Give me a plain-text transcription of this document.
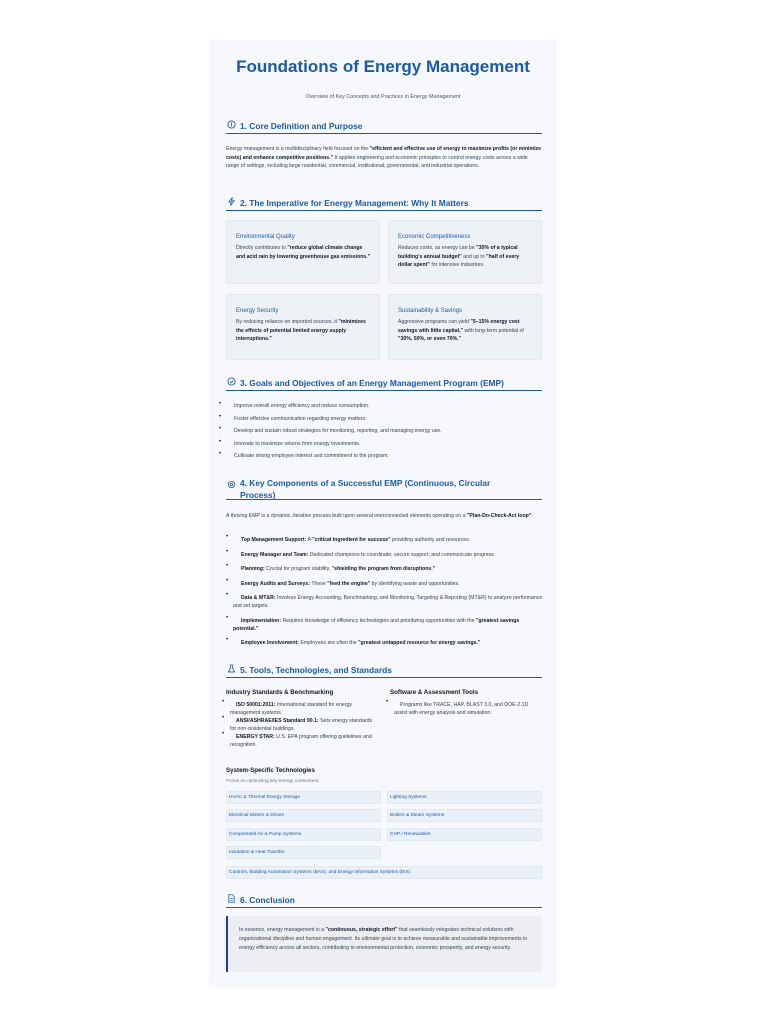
Foundations of Energy Management
Overview of Key Concepts and Practices in Energy Management
1. Core Definition and Purpose
Energy management is a multidisciplinary field focused on the "efficient and effective use of energy to maximize profits (or minimize costs) and enhance competitive positions." It applies engineering and economic principles to control energy costs across a wide range of settings, including large residential, commercial, institutional, governmental, and industrial operations.
2. The Imperative for Energy Management: Why It Matters
Environmental Quality
Directly contributes to "reduce global climate change and acid rain by lowering greenhouse gas emissions."
Economic Competitiveness
Reduces costs, as energy can be "30% of a typical building's annual budget" and up to "half of every dollar spent" for intensive industries.
Energy Security
By reducing reliance on imported sources, it "minimizes the effects of potential limited energy supply interruptions."
Sustainability & Savings
Aggressive programs can yield "5–15% energy cost savings with little capital," with long-term potential of "30%, 50%, or even 70%."
3. Goals and Objectives of an Energy Management Program (EMP)
• Improve overall energy efficiency and reduce consumption.
• Foster effective communication regarding energy matters.
• Develop and sustain robust strategies for monitoring, reporting, and managing energy use.
• Innovate to maximize returns from energy investments.
• Cultivate strong employee interest and commitment to the program.
4. Key Components of a Successful EMP (Continuous, Circular
Process)
A thriving EMP is a dynamic, iterative process built upon several interconnected elements operating on a "Plan-Do-Check-Act loop":
• Top Management Support: A "critical ingredient for success" providing authority and resources.
• Energy Manager and Team: Dedicated champions to coordinate, secure support, and communicate progress.
• Planning: Crucial for program stability, "shielding the program from disruptions."
• Energy Audits and Surveys: These "feed the engine" by identifying waste and opportunities.
• Data & MT&R: Involves Energy Accounting, Benchmarking, and Monitoring, Targeting & Reporting (MT&R) to analyze performance and set targets.
• Implementation: Requires knowledge of efficiency technologies and prioritizing opportunities with the "greatest savings potential."
• Employee Involvement: Employees are often the "greatest untapped resource for energy savings."
5. Tools, Technologies, and Standards
Industry Standards & Benchmarking
• ISO 50001:2011: International standard for energy management systems.
• ANSI/ASHRAE/IES Standard 90.1: Sets energy standards for non-residential buildings.
• ENERGY STAR: U.S. EPA program offering guidelines and recognition.
Software & Assessment Tools
• Programs like TRACE, HAP, BLAST 3.0, and DOE-2.1D assist with energy analysis and simulation.
System-Specific Technologies
Focus on optimizing key energy consumers:
HVAC & Thermal Energy Storage	Lighting Systems
Electrical Motors & Drives	Boilers & Steam Systems
Compressed Air & Pump Systems	CHP / Renewables
Insulation & Heat Transfer
Controls, Building Automation Systems (BAS), and Energy Information Systems (EIS)
6. Conclusion
In essence, energy management is a "continuous, strategic effort" that seamlessly integrates technical solutions with organizational discipline and human engagement. Its ultimate goal is to achieve measurable and sustainable improvements in energy efficiency across all sectors, contributing to environmental protection, economic prosperity, and energy security.
